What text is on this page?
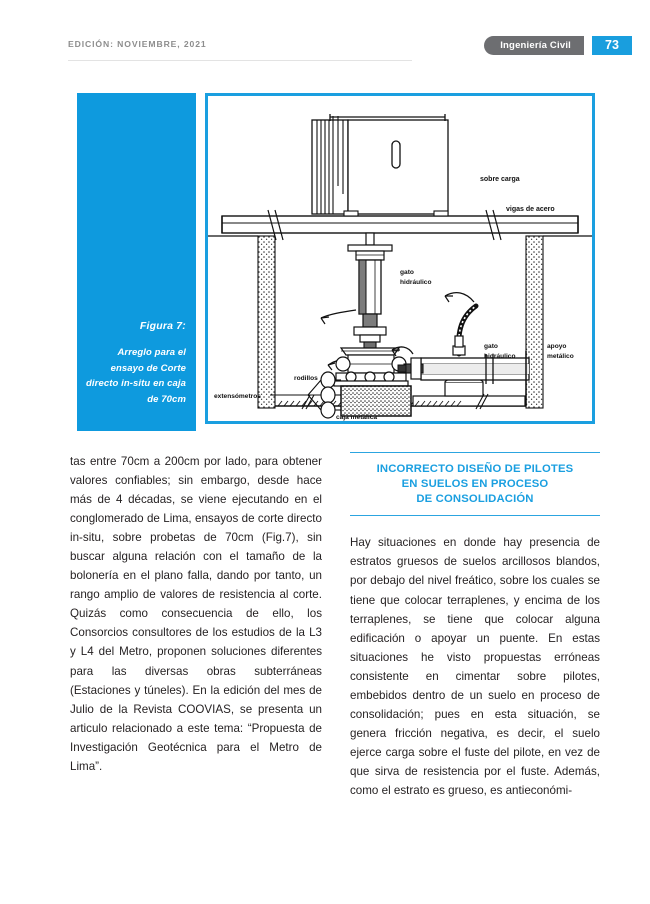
EDICIÓN: NOVIEMBRE, 2021	Ingeniería Civil	73
Figura 7:
Arreglo para el ensayo de Corte directo in-situ en caja de 70cm
sobre carga
vigas de acero
gato
hidráulico
rodillos
extensómetros
caja metálica
gato
hidráulico
apoyo
metálico

tas entre 70cm a 200cm por lado, para obtener valores confiables; sin embargo, desde hace más de 4 décadas, se viene ejecutando en el conglomerado de Lima, ensayos de corte directo in-situ, sobre probetas de 70cm (Fig.7), sin buscar alguna relación con el tamaño de la bolonería en el plano falla, dando por tanto, un rango amplio de valores de resistencia al corte. Quizás como consecuencia de ello, los Consorcios consultores de los estudios de la L3 y L4 del Metro, proponen soluciones diferentes para las diversas obras subterráneas (Estaciones y túneles). En la edición del mes de Julio de la Revista COOVIAS, se presenta un articulo relacionado a este tema: “Propuesta de Investigación Geotécnica para el Metro de Lima”.

INCORRECTO DISEÑO DE PILOTES
EN SUELOS EN PROCESO
DE CONSOLIDACIÓN

Hay situaciones en donde hay presencia de estratos gruesos de suelos arcillosos blandos, por debajo del nivel freático, sobre los cuales se tiene que colocar terraplenes, y encima de los terraplenes, se tiene que colocar alguna edificación o apoyar un puente. En estas situaciones he visto propuestas erróneas consistente en cimentar sobre pilotes, embebidos dentro de un suelo en proceso de consolidación; pues en esta situación, se genera fricción negativa, es decir, el suelo ejerce carga sobre el fuste del pilote, en vez de que sirva de resistencia por el fuste. Además, como el estrato es grueso, es antieconómi-
